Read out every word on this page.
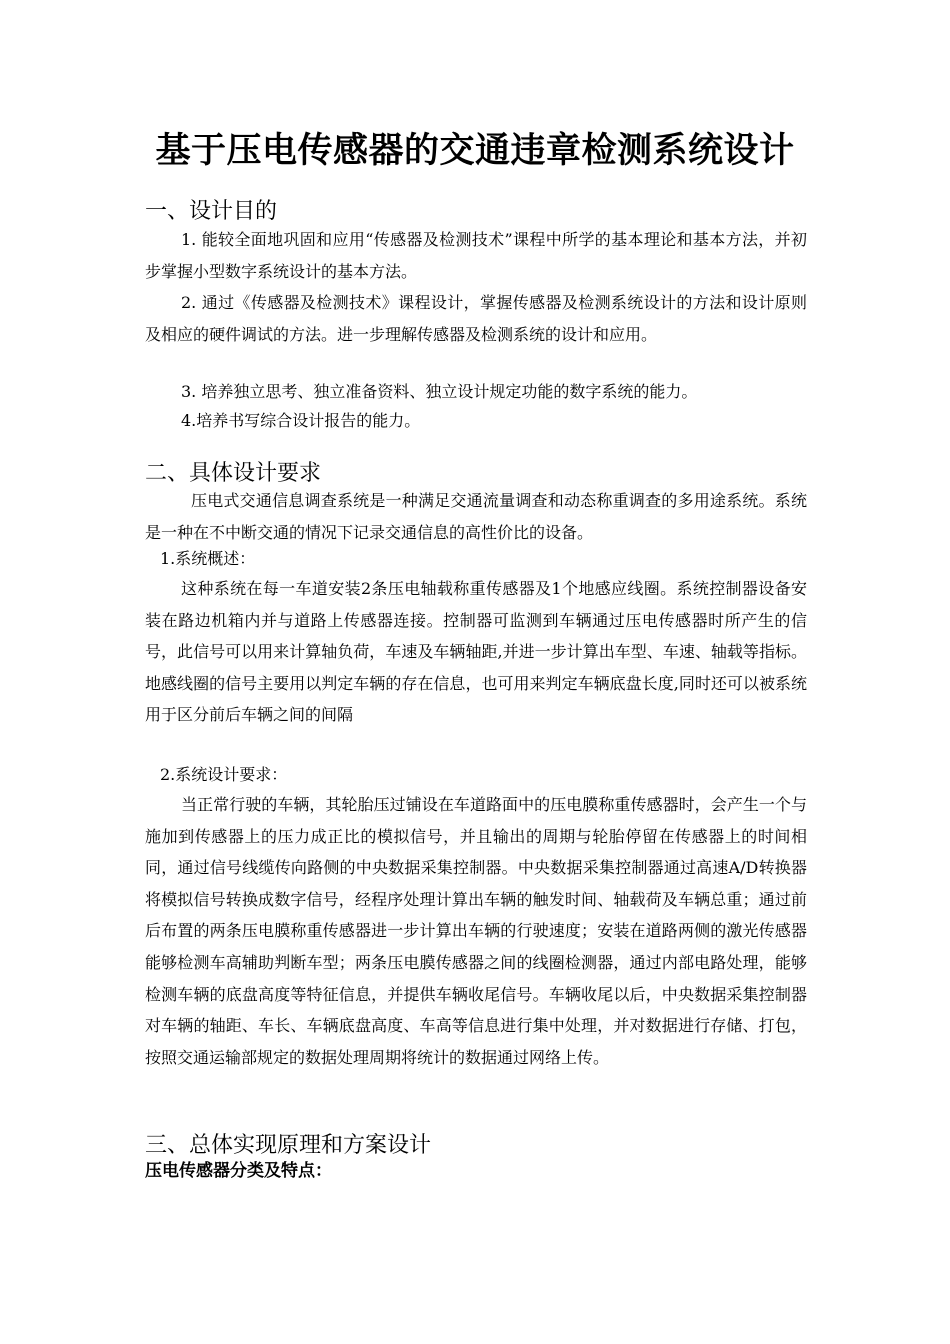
基于压电传感器的交通违章检测系统设计
一、设计目的
1. 能较全面地巩固和应用“传感器及检测技术”课程中所学的基本理论和基本方法，并初步掌握小型数字系统设计的基本方法。
2. 通过《传感器及检测技术》课程设计，掌握传感器及检测系统设计的方法和设计原则及相应的硬件调试的方法。进一步理解传感器及检测系统的设计和应用。
3. 培养独立思考、独立准备资料、独立设计规定功能的数字系统的能力。
4.培养书写综合设计报告的能力。
二、具体设计要求
压电式交通信息调查系统是一种满足交通流量调查和动态称重调查的多用途系统。系统是一种在不中断交通的情况下记录交通信息的高性价比的设备。
1.系统概述：
这种系统在每一车道安装2条压电轴载称重传感器及1个地感应线圈。系统控制器设备安装在路边机箱内并与道路上传感器连接。控制器可监测到车辆通过压电传感器时所产生的信号，此信号可以用来计算轴负荷，车速及车辆轴距,并进一步计算出车型、车速、轴载等指标。地感线圈的信号主要用以判定车辆的存在信息，也可用来判定车辆底盘长度,同时还可以被系统用于区分前后车辆之间的间隔
2.系统设计要求：
当正常行驶的车辆，其轮胎压过铺设在车道路面中的压电膜称重传感器时，会产生一个与施加到传感器上的压力成正比的模拟信号，并且输出的周期与轮胎停留在传感器上的时间相同，通过信号线缆传向路侧的中央数据采集控制器。中央数据采集控制器通过高速A/D转换器将模拟信号转换成数字信号，经程序处理计算出车辆的触发时间、轴载荷及车辆总重；通过前后布置的两条压电膜称重传感器进一步计算出车辆的行驶速度；安装在道路两侧的激光传感器能够检测车高辅助判断车型；两条压电膜传感器之间的线圈检测器，通过内部电路处理，能够检测车辆的底盘高度等特征信息，并提供车辆收尾信号。车辆收尾以后，中央数据采集控制器对车辆的轴距、车长、车辆底盘高度、车高等信息进行集中处理，并对数据进行存储、打包，按照交通运输部规定的数据处理周期将统计的数据通过网络上传。
三、总体实现原理和方案设计
压电传感器分类及特点：
